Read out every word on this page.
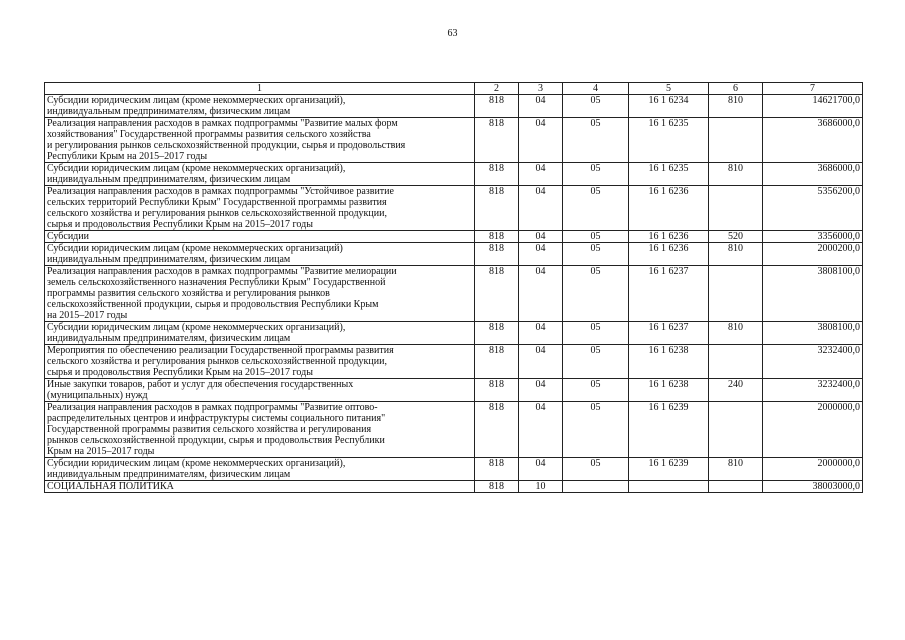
63
1	2	3	4	5	6	7
Субсидии юридическим лицам (кроме некоммерческих организаций),
индивидуальным предпринимателям, физическим лицам	818	04	05	16 1 6234	810	14621700,0
Реализация направления расходов в рамках подпрограммы "Развитие малых форм
хозяйствования" Государственной программы развития сельского хозяйства
и регулирования рынков сельскохозяйственной продукции, сырья и продовольствия
Республики Крым на 2015–2017 годы	818	04	05	16 1 6235		3686000,0
Субсидии юридическим лицам (кроме некоммерческих организаций),
индивидуальным предпринимателям, физическим лицам	818	04	05	16 1 6235	810	3686000,0
Реализация направления расходов в рамках подпрограммы "Устойчивое развитие
сельских территорий Республики Крым" Государственной программы развития
сельского хозяйства и регулирования рынков сельскохозяйственной продукции,
сырья и продовольствия Республики Крым на 2015–2017 годы	818	04	05	16 1 6236		5356200,0
Субсидии	818	04	05	16 1 6236	520	3356000,0
Субсидии юридическим лицам (кроме некоммерческих организаций)
индивидуальным предпринимателям, физическим лицам	818	04	05	16 1 6236	810	2000200,0
Реализация направления расходов в рамках подпрограммы "Развитие мелиорации
земель сельскохозяйственного назначения Республики Крым" Государственной
программы развития сельского хозяйства и регулирования рынков
сельскохозяйственной продукции, сырья и продовольствия Республики Крым
на 2015–2017 годы	818	04	05	16 1 6237		3808100,0
Субсидии юридическим лицам (кроме некоммерческих организаций),
индивидуальным предпринимателям, физическим лицам	818	04	05	16 1 6237	810	3808100,0
Мероприятия по обеспечению реализации Государственной программы развития
сельского хозяйства и регулирования рынков сельскохозяйственной продукции,
сырья и продовольствия Республики Крым на 2015–2017 годы	818	04	05	16 1 6238		3232400,0
Иные закупки товаров, работ и услуг для обеспечения государственных
(муниципальных) нужд	818	04	05	16 1 6238	240	3232400,0
Реализация направления расходов в рамках подпрограммы "Развитие оптово-
распределительных центров и инфраструктуры системы социального питания"
Государственной программы развития сельского хозяйства и регулирования
рынков сельскохозяйственной продукции, сырья и продовольствия Республики
Крым на 2015–2017 годы	818	04	05	16 1 6239		2000000,0
Субсидии юридическим лицам (кроме некоммерческих организаций),
индивидуальным предпринимателям, физическим лицам	818	04	05	16 1 6239	810	2000000,0
СОЦИАЛЬНАЯ ПОЛИТИКА	818	10				38003000,0
